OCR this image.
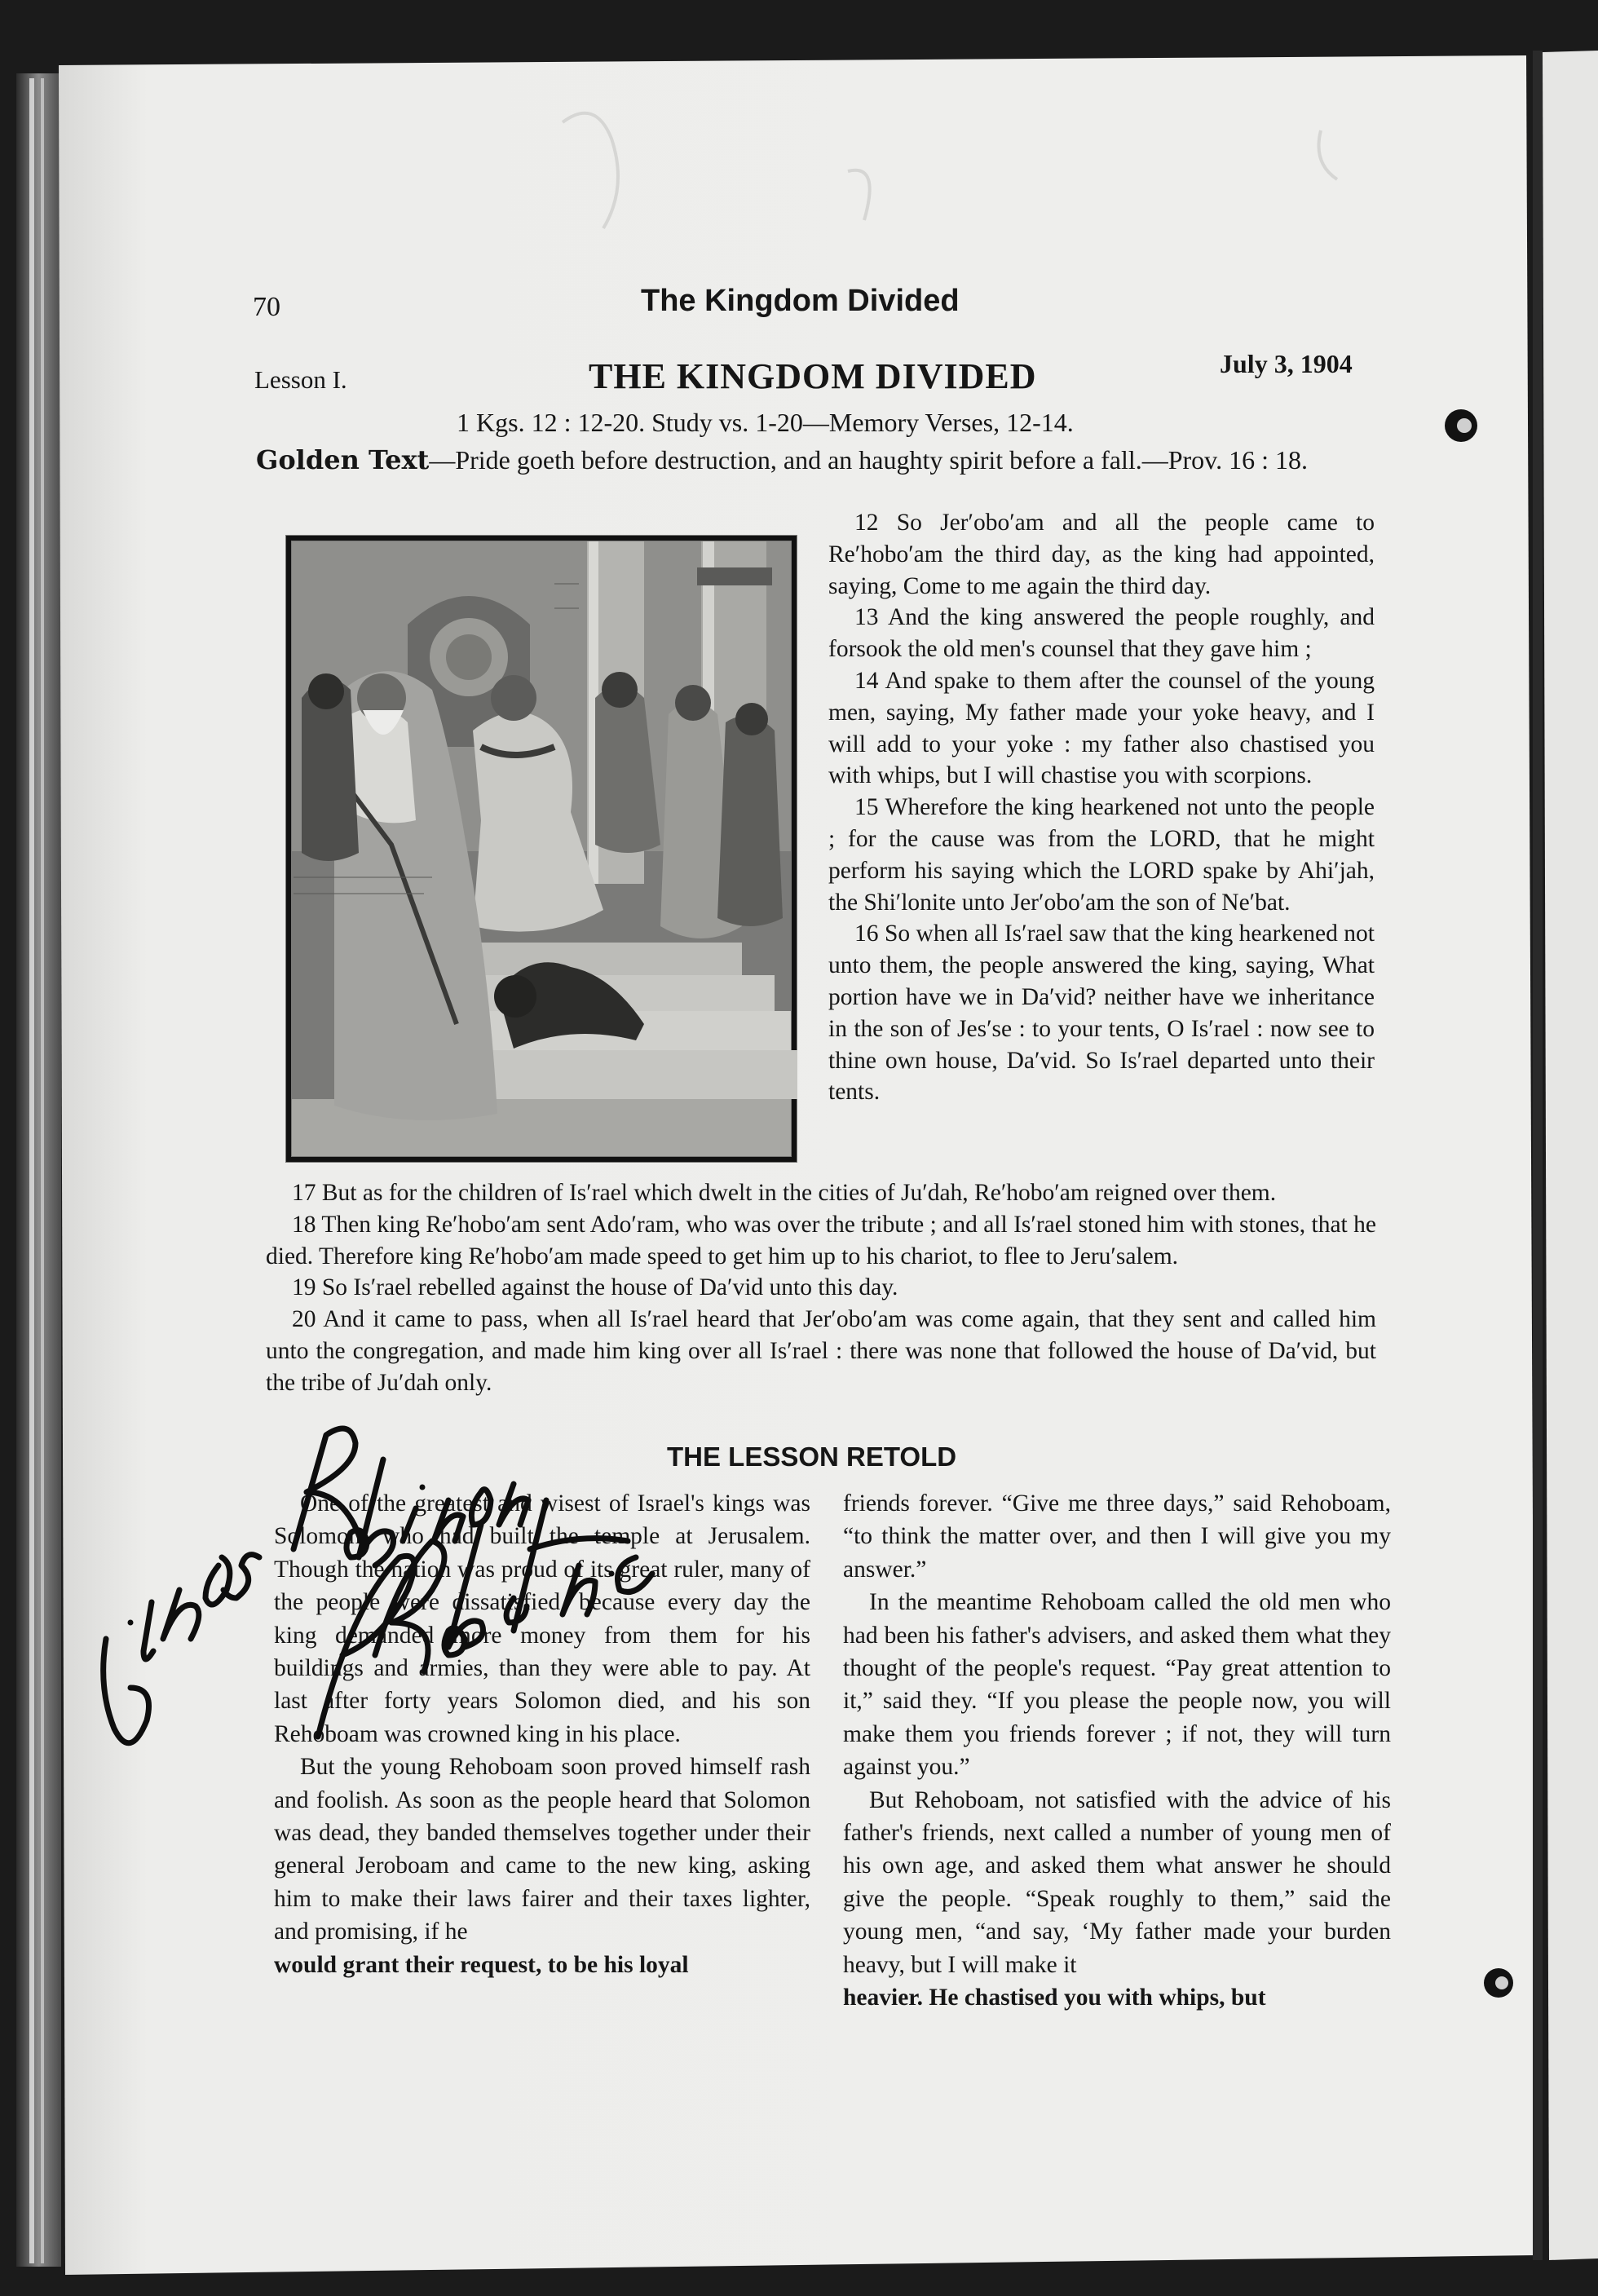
70	The Kingdom Divided
Lesson I.	THE KINGDOM DIVIDED	July 3, 1904
1 Kgs. 12 : 12-20. Study vs. 1-20—Memory Verses, 12-14.
Golden Text—Pride goeth before destruction, and an haughty spirit before a fall.—Prov. 16 : 18.

12 So Jer′obo′am and all the people came to Re′hobo′am the third day, as the king had appointed, saying, Come to me again the third day.

13 And the king answered the people roughly, and forsook the old men's counsel that they gave him ;

14 And spake to them after the counsel of the young men, saying, My father made your yoke heavy, and I will add to your yoke : my father also chastised you with whips, but I will chastise you with scorpions.

15 Wherefore the king hearkened not unto the people ; for the cause was from the LORD, that he might perform his saying which the LORD spake by Ahi′jah, the Shi′lonite unto Jer′obo′am the son of Ne′bat.

16 So when all Is′rael saw that the king hearkened not unto them, the people answered the king, saying, What portion have we in Da′vid? neither have we inheritance in the son of Jes′se : to your tents, O Is′rael : now see to thine own house, Da′vid. So Is′rael departed unto their tents.

17 But as for the children of Is′rael which dwelt in the cities of Ju′dah, Re′hobo′am reigned over them.

18 Then king Re′hobo′am sent Ado′ram, who was over the tribute ; and all Is′rael stoned him with stones, that he died. Therefore king Re′hobo′am made speed to get him up to his chariot, to flee to Jeru′salem.

19 So Is′rael rebelled against the house of Da′vid unto this day.

20 And it came to pass, when all Is′rael heard that Jer′obo′am was come again, that they sent and called him unto the congregation, and made him king over all Is′rael : there was none that followed the house of Da′vid, but the tribe of Ju′dah only.

THE LESSON RETOLD

One of the greatest and wisest of Israel's kings was Solomon, who had built the temple at Jerusalem. Though the nation was proud of its great ruler, many of the people were dissatisfied, because every day the king demanded more money from them for his buildings and armies, than they were able to pay. At last after forty years Solomon died, and his son Rehoboam was crowned king in his place.

But the young Rehoboam soon proved himself rash and foolish. As soon as the people heard that Solomon was dead, they banded themselves together under their general Jeroboam and came to the new king, asking him to make their laws fairer and their taxes lighter, and promising, if he

would grant their request, to be his loyal

friends forever. “Give me three days,” said Rehoboam, “to think the matter over, and then I will give you my answer.”

In the meantime Rehoboam called the old men who had been his father's advisers, and asked them what they thought of the people's request. “Pay great attention to it,” said they. “If you please the people now, you will make them you friends forever ; if not, they will turn against you.”

But Rehoboam, not satisfied with the advice of his father's friends, next called a number of young men of his own age, and asked them what answer he should give the people. “Speak roughly to them,” said the young men, “and say, ‘My father made your burden heavy, but I will make it

heavier. He chastised you with whips, but
